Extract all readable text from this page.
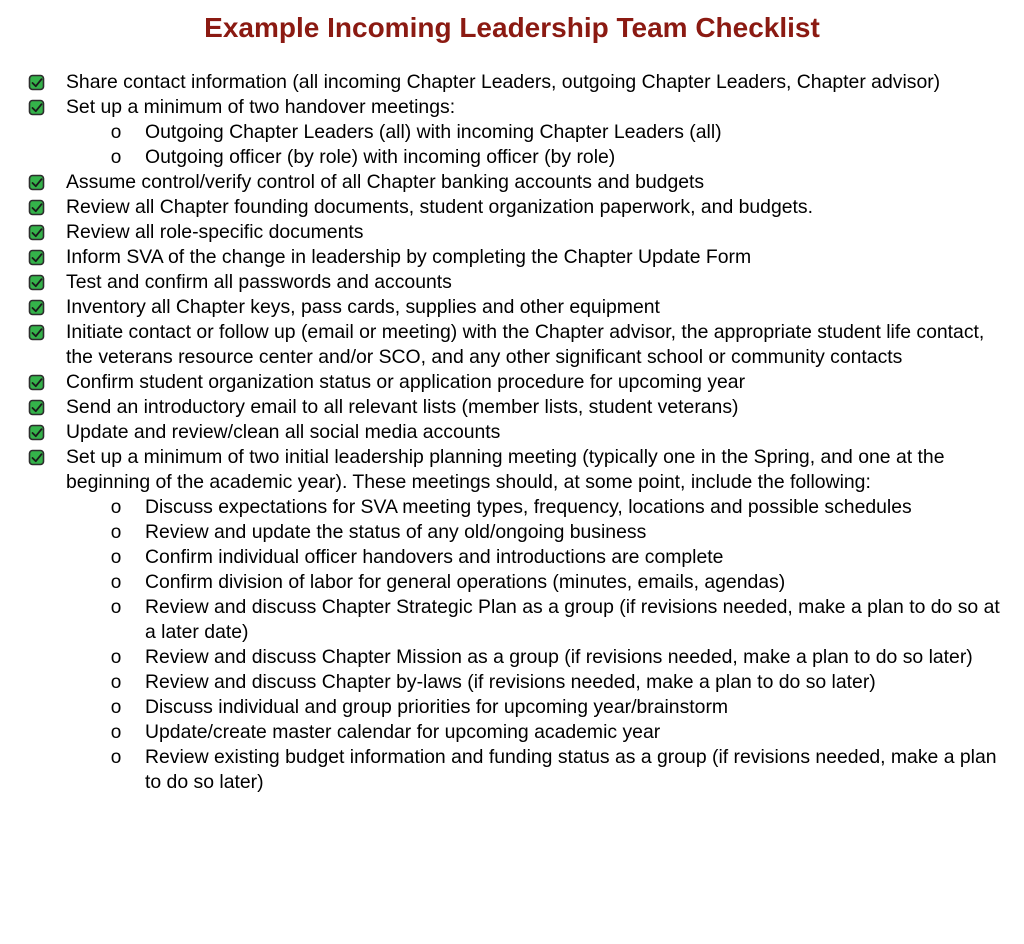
Example Incoming Leadership Team Checklist
Share contact information (all incoming Chapter Leaders, outgoing Chapter Leaders, Chapter advisor)
Set up a minimum of two handover meetings:
o Outgoing Chapter Leaders (all) with incoming Chapter Leaders (all)
o Outgoing officer (by role) with incoming officer (by role)
Assume control/verify control of all Chapter banking accounts and budgets
Review all Chapter founding documents, student organization paperwork, and budgets.
Review all role-specific documents
Inform SVA of the change in leadership by completing the Chapter Update Form
Test and confirm all passwords and accounts
Inventory all Chapter keys, pass cards, supplies and other equipment
Initiate contact or follow up (email or meeting) with the Chapter advisor, the appropriate student life contact, the veterans resource center and/or SCO, and any other significant school or community contacts
Confirm student organization status or application procedure for upcoming year
Send an introductory email to all relevant lists (member lists, student veterans)
Update and review/clean all social media accounts
Set up a minimum of two initial leadership planning meeting (typically one in the Spring, and one at the beginning of the academic year). These meetings should, at some point, include the following:
o Discuss expectations for SVA meeting types, frequency, locations and possible schedules
o Review and update the status of any old/ongoing business
o Confirm individual officer handovers and introductions are complete
o Confirm division of labor for general operations (minutes, emails, agendas)
o Review and discuss Chapter Strategic Plan as a group (if revisions needed, make a plan to do so at a later date)
o Review and discuss Chapter Mission as a group (if revisions needed, make a plan to do so later)
o Review and discuss Chapter by-laws (if revisions needed, make a plan to do so later)
o Discuss individual and group priorities for upcoming year/brainstorm
o Update/create master calendar for upcoming academic year
o Review existing budget information and funding status as a group (if revisions needed, make a plan to do so later)
